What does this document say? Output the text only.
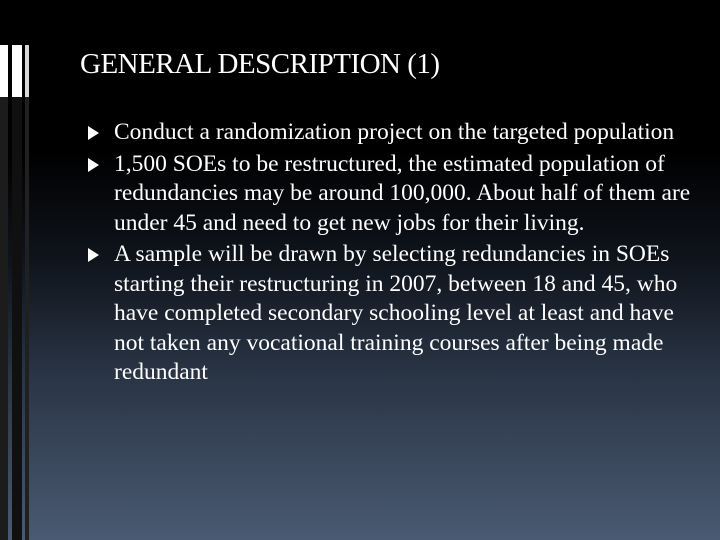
GENERAL DESCRIPTION (1)
Conduct a randomization project on the targeted population
1,500 SOEs to be restructured, the estimated population of redundancies may be around 100,000. About half of them are under 45 and need to get new jobs for their living.
A sample will be drawn by selecting redundancies in SOEs starting their restructuring in 2007, between 18 and 45, who have completed secondary schooling level at least and have not taken any vocational training courses after being made redundant
